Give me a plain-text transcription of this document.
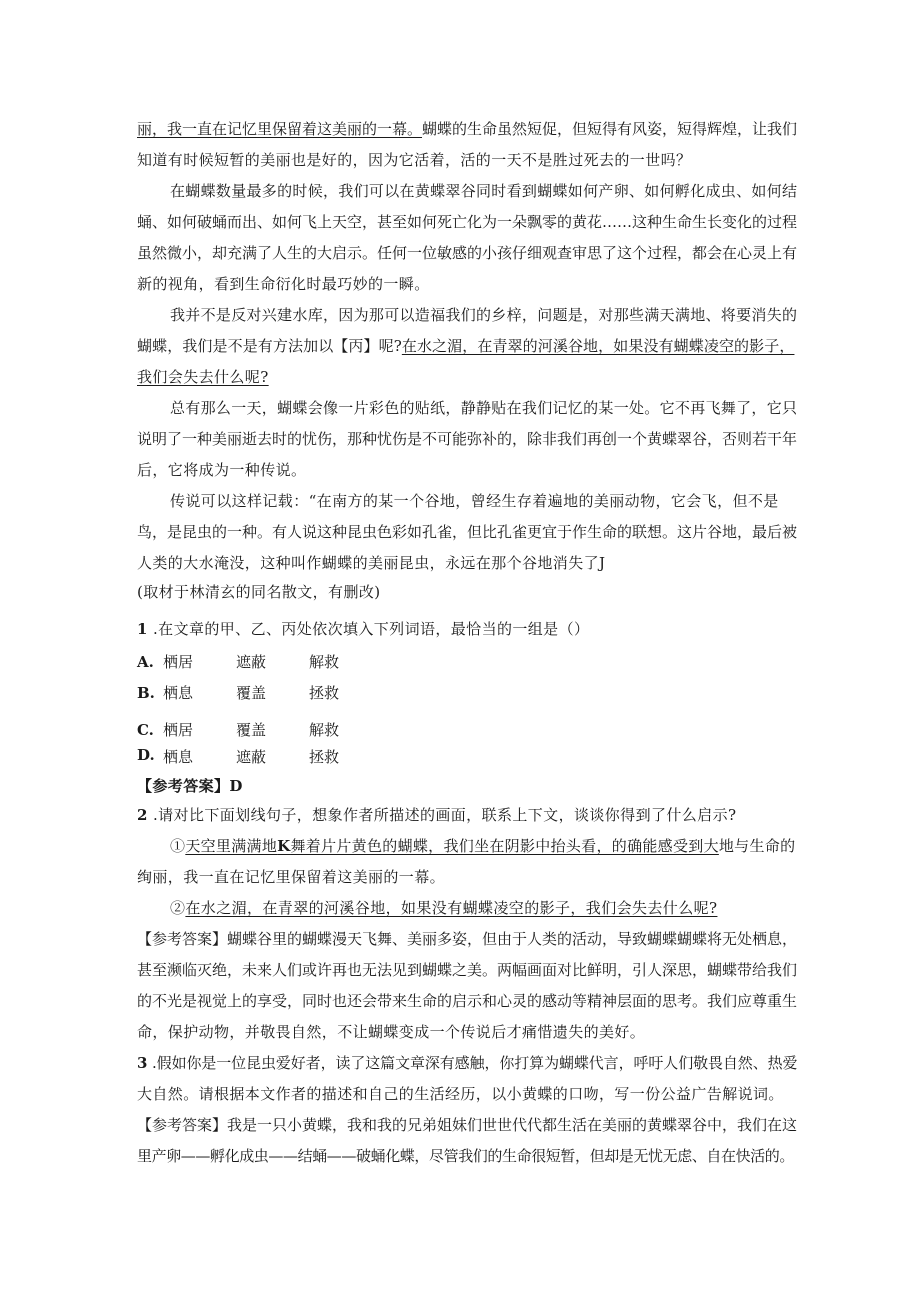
丽，我一直在记忆里保留着这美丽的一幕。蝴蝶的生命虽然短促，但短得有风姿，短得辉煌，让我们
知道有时候短暂的美丽也是好的，因为它活着，活的一天不是胜过死去的一世吗？
在蝴蝶数量最多的时候，我们可以在黄蝶翠谷同时看到蝴蝶如何产卵、如何孵化成虫、如何结
蛹、如何破蛹而出、如何飞上天空，甚至如何死亡化为一朵飘零的黄花……这种生命生长变化的过程
虽然微小，却充满了人生的大启示。任何一位敏感的小孩仔细观查审思了这个过程，都会在心灵上有
新的视角，看到生命衍化时最巧妙的一瞬。
我并不是反对兴建水库，因为那可以造福我们的乡梓，问题是，对那些满天满地、将要消失的
蝴蝶，我们是不是有方法加以【丙】呢?在水之湄，在青翠的河溪谷地，如果没有蝴蝶凌空的影子，
我们会失去什么呢?
总有那么一天，蝴蝶会像一片彩色的贴纸，静静贴在我们记忆的某一处。它不再飞舞了，它只
说明了一种美丽逝去时的忧伤，那种忧伤是不可能弥补的，除非我们再创一个黄蝶翠谷，否则若干年
后，它将成为一种传说。
传说可以这样记载：“在南方的某一个谷地，曾经生存着遍地的美丽动物，它会飞，但不是
鸟，是昆虫的一种。有人说这种昆虫色彩如孔雀，但比孔雀更宜于作生命的联想。这片谷地，最后被
人类的大水淹没，这种叫作蝴蝶的美丽昆虫，永远在那个谷地消失了J
(取材于林清玄的同名散文，有删改)
1 .在文章的甲、乙、丙处依次填入下列词语，最恰当的一组是（）
A. 栖居	遮蔽	解救
B. 栖息	覆盖	拯救
C. 栖居	覆盖	解救
D. 栖息	遮蔽	拯救
【参考答案】D
2 .请对比下面划线句子，想象作者所描述的画面，联系上下文，谈谈你得到了什么启示?
①天空里满满地K舞着片片黄色的蝴蝶，我们坐在阴影中抬头看，的确能感受到大地与生命的
绚丽，我一直在记忆里保留着这美丽的一幕。
②在水之湄，在青翠的河溪谷地，如果没有蝴蝶凌空的影子，我们会失去什么呢?
【参考答案】蝴蝶谷里的蝴蝶漫天飞舞、美丽多姿，但由于人类的活动，导致蝴蝶蝴蝶将无处栖息，
甚至濒临灭绝，未来人们或许再也无法见到蝴蝶之美。两幅画面对比鲜明，引人深思，蝴蝶带给我们
的不光是视觉上的享受，同时也还会带来生命的启示和心灵的感动等精神层面的思考。我们应尊重生
命，保护动物，并敬畏自然，不让蝴蝶变成一个传说后才痛惜遗失的美好。
3 .假如你是一位昆虫爱好者，读了这篇文章深有感触，你打算为蝴蝶代言，呼吁人们敬畏自然、热爱
大自然。请根据本文作者的描述和自己的生活经历，以小黄蝶的口吻，写一份公益广告解说词。
【参考答案】我是一只小黄蝶，我和我的兄弟姐妹们世世代代都生活在美丽的黄蝶翠谷中，我们在这
里产卵——孵化成虫——结蛹——破蛹化蝶，尽管我们的生命很短暂，但却是无忧无虑、自在快活的。
